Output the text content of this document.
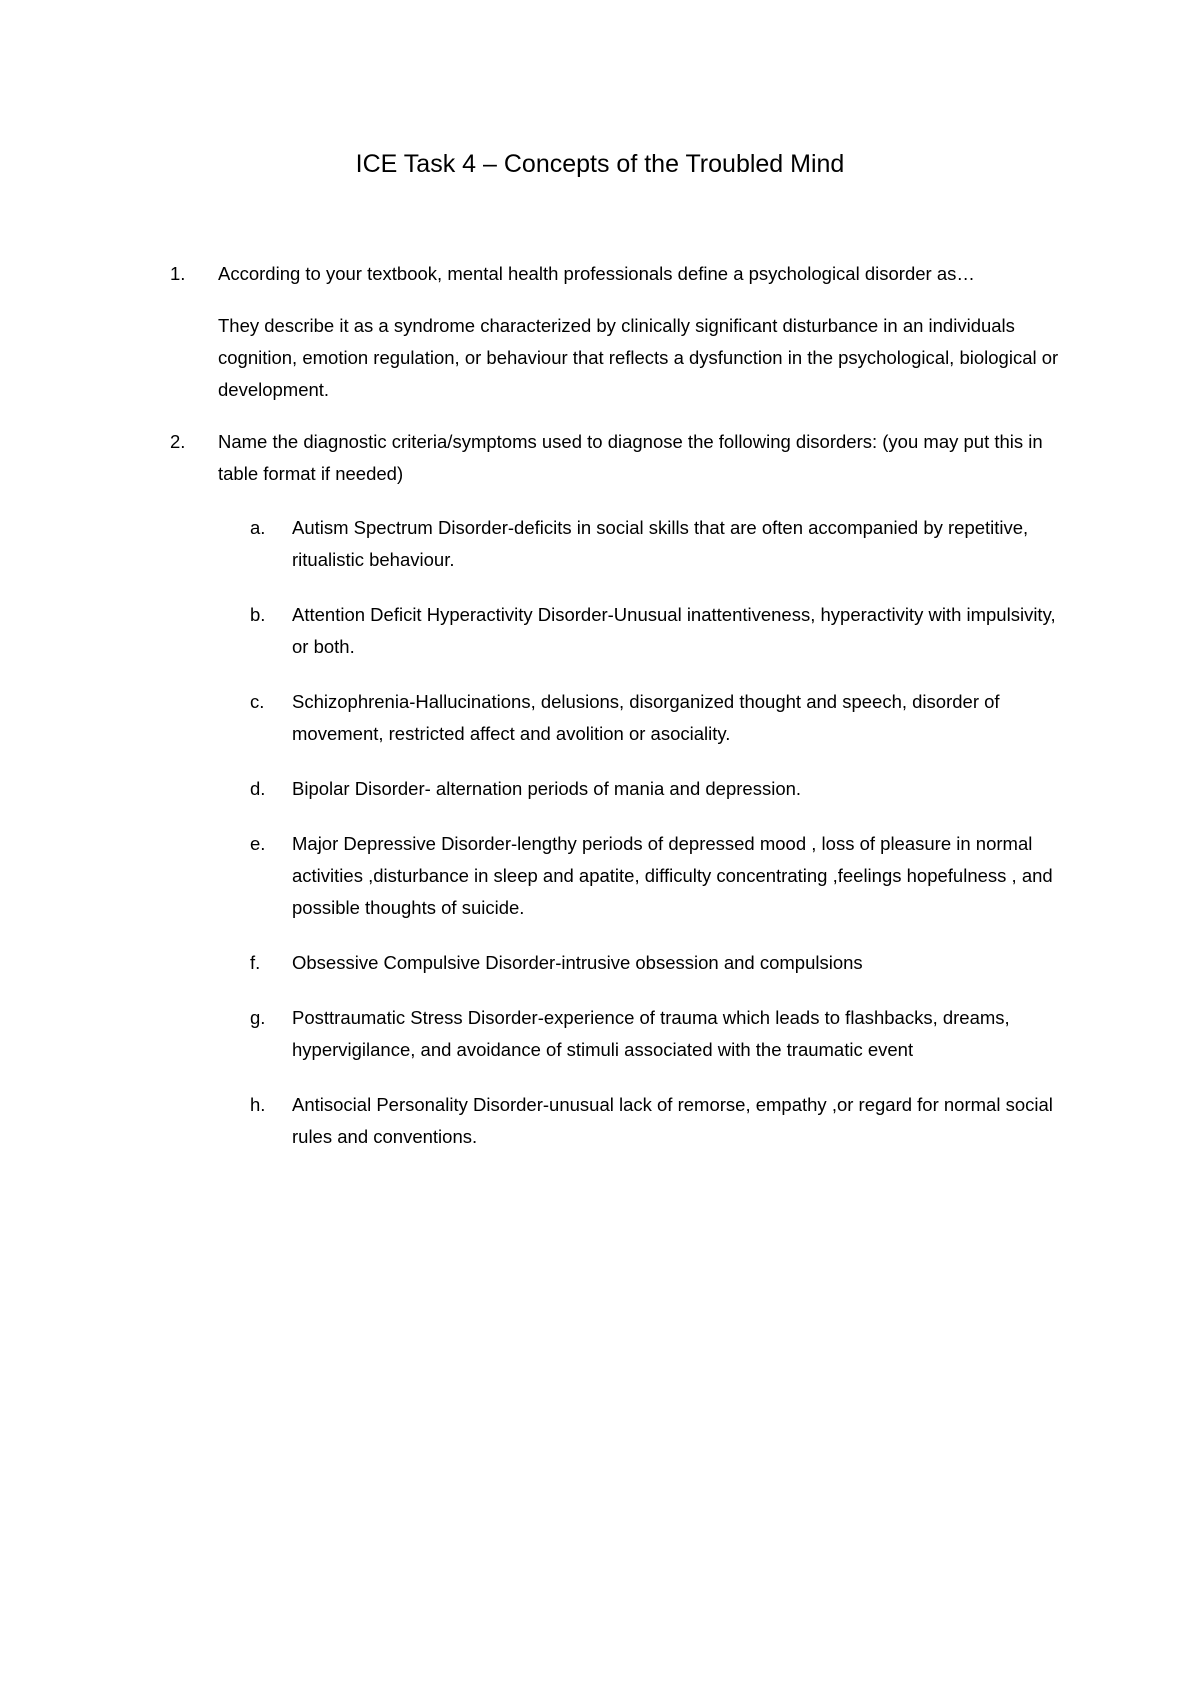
ICE Task 4 – Concepts of the Troubled Mind
1. According to your textbook, mental health professionals define a psychological disorder as…
They describe it as a syndrome characterized by clinically significant disturbance in an individuals cognition, emotion regulation, or behaviour that reflects a dysfunction in the psychological, biological or development.
2. Name the diagnostic criteria/symptoms used to diagnose the following disorders: (you may put this in table format if needed)
a. Autism Spectrum Disorder-deficits in social skills that are often accompanied by repetitive, ritualistic behaviour.
b. Attention Deficit Hyperactivity Disorder-Unusual inattentiveness, hyperactivity with impulsivity, or both.
c. Schizophrenia-Hallucinations, delusions, disorganized thought and speech, disorder of movement, restricted affect and avolition or asociality.
d. Bipolar Disorder- alternation periods of mania and depression.
e. Major Depressive Disorder-lengthy periods of depressed mood , loss of pleasure in normal activities ,disturbance in sleep and apatite, difficulty concentrating ,feelings hopefulness , and possible thoughts of suicide.
f. Obsessive Compulsive Disorder-intrusive obsession and compulsions
g. Posttraumatic Stress Disorder-experience of trauma which leads to flashbacks, dreams, hypervigilance, and avoidance of stimuli associated with the traumatic event
h. Antisocial Personality Disorder-unusual lack of remorse, empathy ,or regard for normal social rules and conventions.
